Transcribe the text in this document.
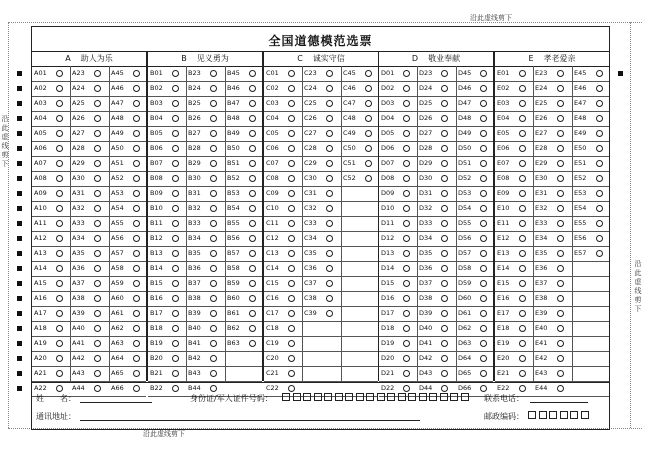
沿此虚线剪下
沿此虚线剪下
沿此虚线剪下
沿此虚线剪下
全国道德模范选票
A 助人为乐
A01	A23	A45
A02	A24	A46
A03	A25	A47
A04	A26	A48
A05	A27	A49
A06	A28	A50
A07	A29	A51
A08	A30	A52
A09	A31	A53
A10	A32	A54
A11	A33	A55
A12	A34	A56
A13	A35	A57
A14	A36	A58
A15	A37	A59
A16	A38	A60
A17	A39	A61
A18	A40	A62
A19	A41	A63
A20	A42	A64
A21	A43	A65
A22	A44	A66
B 见义勇为
B01	B23	B45
B02	B24	B46
B03	B25	B47
B04	B26	B48
B05	B27	B49
B06	B28	B50
B07	B29	B51
B08	B30	B52
B09	B31	B53
B10	B32	B54
B11	B33	B55
B12	B34	B56
B13	B35	B57
B14	B36	B58
B15	B37	B59
B16	B38	B60
B17	B39	B61
B18	B40	B62
B19	B41	B63
B20	B42
B21	B43
B22	B44
C 诚实守信
C01	C23	C45
C02	C24	C46
C03	C25	C47
C04	C26	C48
C05	C27	C49
C06	C28	C50
C07	C29	C51
C08	C30	C52
C09	C31
C10	C32
C11	C33
C12	C34
C13	C35
C14	C36
C15	C37
C16	C38
C17	C39
C18
C19
C20
C21
C22
D 敬业奉献
D01	D23	D45
D02	D24	D46
D03	D25	D47
D04	D26	D48
D05	D27	D49
D06	D28	D50
D07	D29	D51
D08	D30	D52
D09	D31	D53
D10	D32	D54
D11	D33	D55
D12	D34	D56
D13	D35	D57
D14	D36	D58
D15	D37	D59
D16	D38	D60
D17	D39	D61
D18	D40	D62
D19	D41	D63
D20	D42	D64
D21	D43	D65
D22	D44	D66
E 孝老爱亲
E01	E23	E45
E02	E24	E46
E03	E25	E47
E04	E26	E48
E05	E27	E49
E06	E28	E50
E07	E29	E51
E08	E30	E52
E09	E31	E53
E10	E32	E54
E11	E33	E55
E12	E34	E56
E13	E35	E57
E14	E36
E15	E37
E16	E38
E17	E39
E18	E40
E19	E41
E20	E42
E21	E43
E22	E44
姓　　名：	身份证/军人证件号码：	联系电话：
通讯地址：	邮政编码：
